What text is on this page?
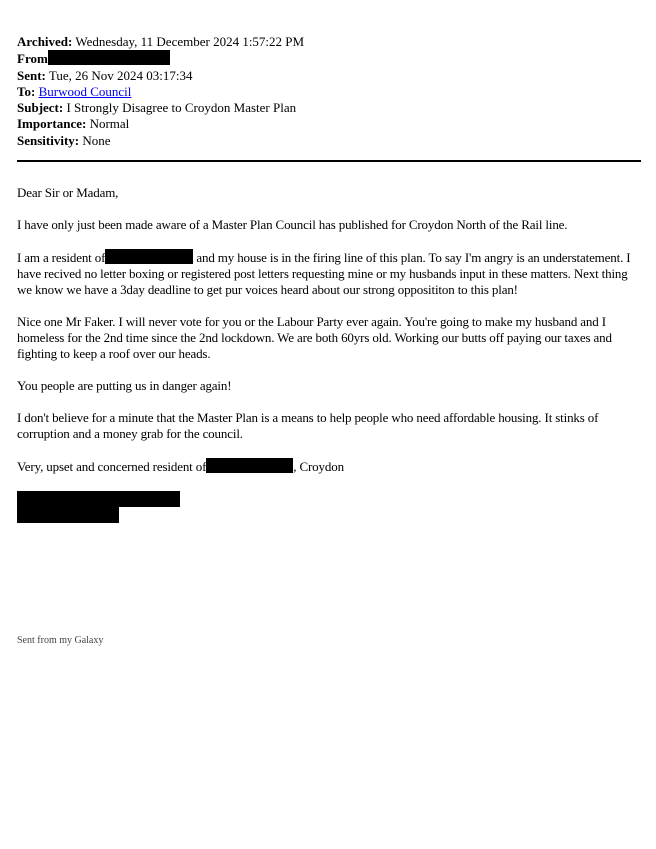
Archived: Wednesday, 11 December 2024 1:57:22 PM
From
Sent: Tue, 26 Nov 2024 03:17:34
To: Burwood Council
Subject: I Strongly Disagree to Croydon Master Plan
Importance: Normal
Sensitivity: None

Dear Sir or Madam,

I have only just been made aware of a Master Plan Council has published for Croydon North of the Rail line.

I am a resident of	and my house is in the firing line of this plan. To say I'm angry is an understatement. I have recived no letter boxing or registered post letters requesting mine or my husbands input in these matters. Next thing we know we have a 3day deadline to get pur voices heard about our strong opposititon to this plan!

Nice one Mr Faker. I will never vote for you or the Labour Party ever again. You're going to make my husband and I homeless for the 2nd time since the 2nd lockdown. We are both 60yrs old. Working our butts off paying our taxes and fighting to keep a roof over our heads.

You people are putting us in danger again!

I don't believe for a minute that the Master Plan is a means to help people who need affordable housing. It stinks of corruption and a money grab for the council.

Very, upset and concerned resident of	, Croydon

Sent from my Galaxy
